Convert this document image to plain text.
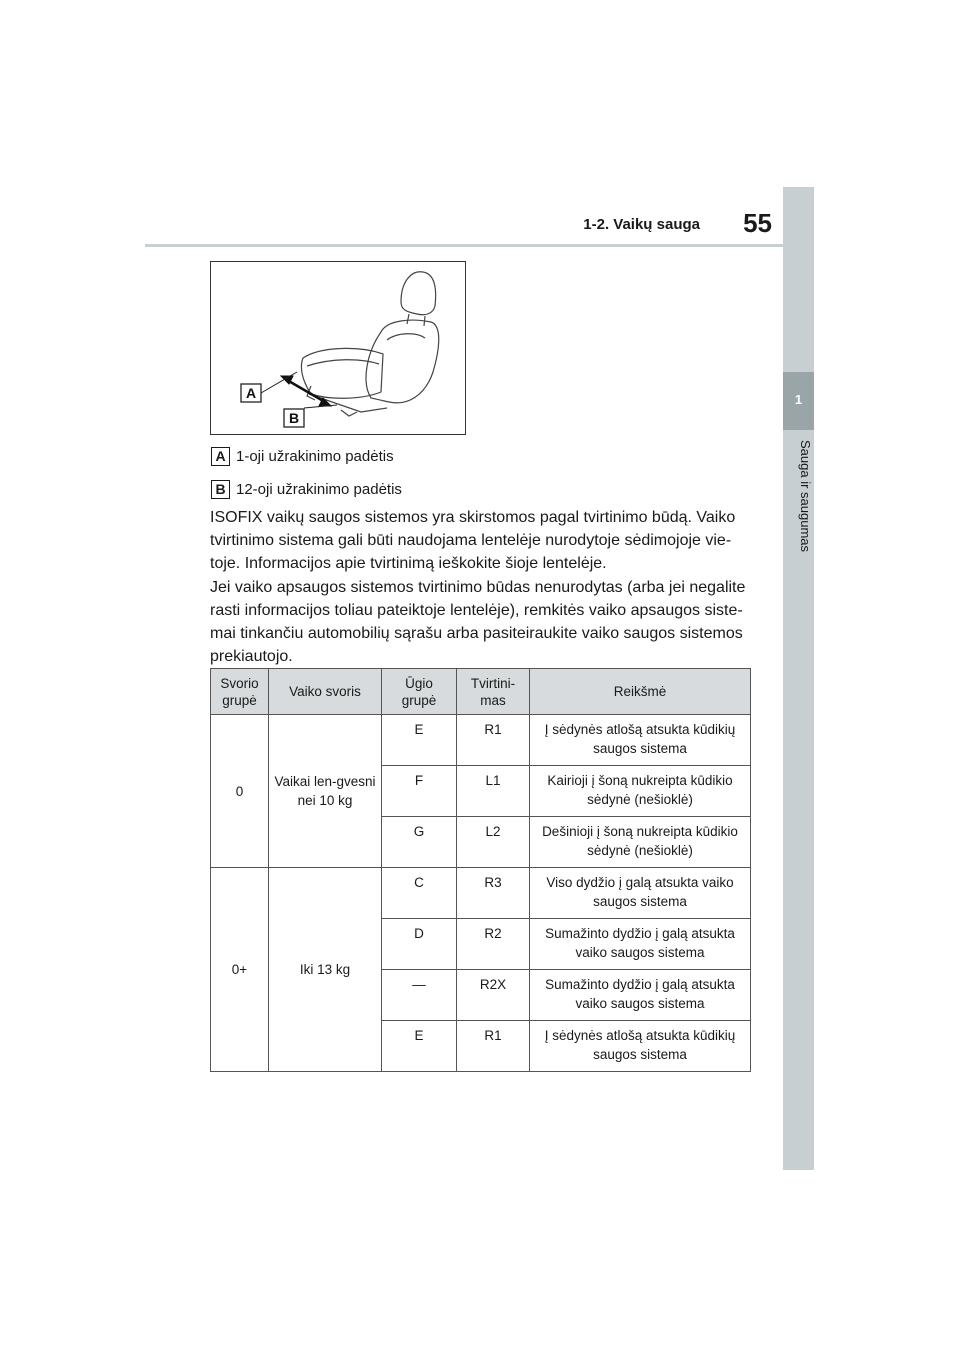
1-2. Vaikų sauga	55
1
Sauga ir saugumas
A
B
A 1-oji užrakinimo padėtis
B 12-oji užrakinimo padėtis

ISOFIX vaikų saugos sistemos yra skirstomos pagal tvirtinimo būdą. Vaiko tvirtinimo sistema gali būti naudojama lentelėje nurodytoje sėdimojoje vie-toje. Informacijos apie tvirtinimą ieškokite šioje lentelėje.

Jei vaiko apsaugos sistemos tvirtinimo būdas nenurodytas (arba jei negalite rasti informacijos toliau pateiktoje lentelėje), remkitės vaiko apsaugos siste-mai tinkančiu automobilių sąrašu arba pasiteiraukite vaiko saugos sistemos prekiautojo.

Svorio grupė	Vaiko svoris	Ūgio grupė	Tvirtini-mas	Reikšmė
0	Vaikai len-gvesni nei 10 kg	E	R1	Į sėdynės atlošą atsukta kūdikių saugos sistema
		F	L1	Kairioji į šoną nukreipta kūdikio sėdynė (nešioklė)
		G	L2	Dešinioji į šoną nukreipta kūdikio sėdynė (nešioklė)
0+	Iki 13 kg	C	R3	Viso dydžio į galą atsukta vaiko saugos sistema
		D	R2	Sumažinto dydžio į galą atsukta vaiko saugos sistema
		—	R2X	Sumažinto dydžio į galą atsukta vaiko saugos sistema
		E	R1	Į sėdynės atlošą atsukta kūdikių saugos sistema
